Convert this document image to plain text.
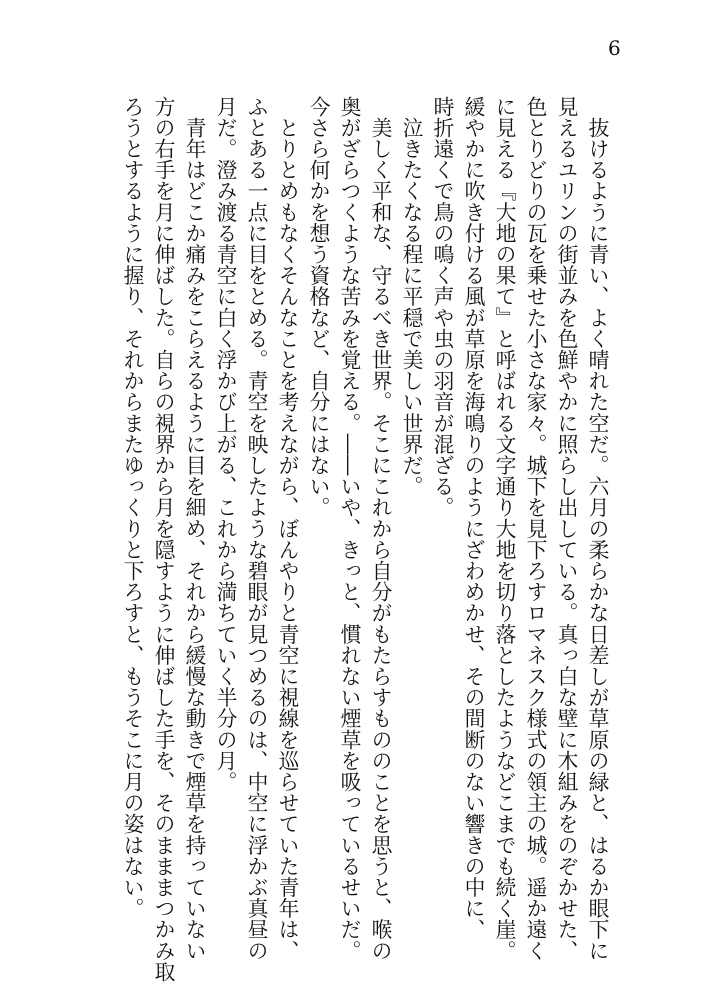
6
　抜けるように青い、よく晴れた空だ。六月の柔らかな日差しが草原の緑と、はるか眼下に
見えるユリンの街並みを色鮮やかに照らし出している。真っ白な壁に木組みをのぞかせた、
色とりどりの瓦を乗せた小さな家々。城下を見下ろすロマネスク様式の領主の城。遥か遠く
に見える『大地の果て』と呼ばれる文字通り大地を切り落としたようなどこまでも続く崖。
緩やかに吹き付ける風が草原を海鳴りのようにざわめかせ、その間断のない響きの中に、
時折遠くで鳥の鳴く声や虫の羽音が混ざる。
　泣きたくなる程に平穏で美しい世界だ。
　美しく平和な、守るべき世界。そこにこれから自分がもたらすもののことを思うと、喉の
奥がざらつくような苦みを覚える。――いや、きっと、慣れない煙草を吸っているせいだ。
今さら何かを想う資格など、自分にはない。
　とりとめもなくそんなことを考えながら、ぼんやりと青空に視線を巡らせていた青年は、
ふとある一点に目をとめる。青空を映したような碧眼が見つめるのは、中空に浮かぶ真昼の
月だ。澄み渡る青空に白く浮かび上がる、これから満ちていく半分の月。
　青年はどこか痛みをこらえるように目を細め、それから緩慢な動きで煙草を持っていない
方の右手を月に伸ばした。自らの視界から月を隠すように伸ばした手を、そのまままつかみ取
ろうとするように握り、それからまたゆっくりと下ろすと、もうそこに月の姿はない。
